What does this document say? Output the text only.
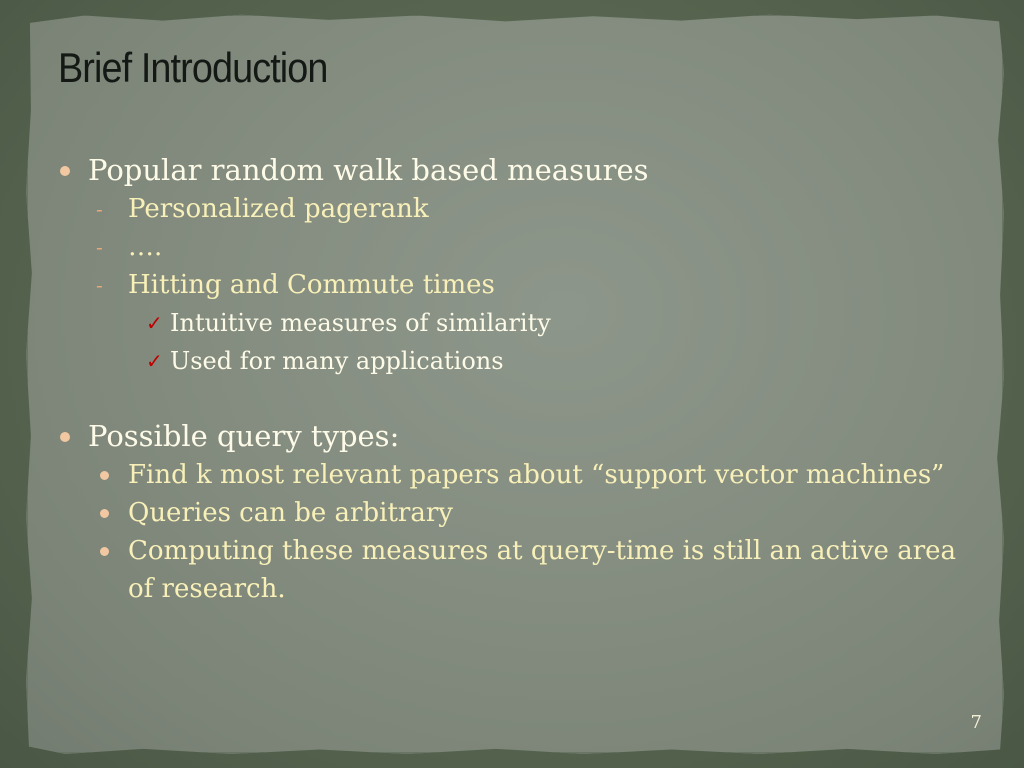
Brief Introduction
Popular random walk based measures
- Personalized pagerank
- ….
- Hitting and Commute times
✓ Intuitive measures of similarity
✓ Used for many applications
Possible query types:
Find k most relevant papers about “support vector machines”
Queries can be arbitrary
Computing these measures at query-time is still an active area of research.
7
